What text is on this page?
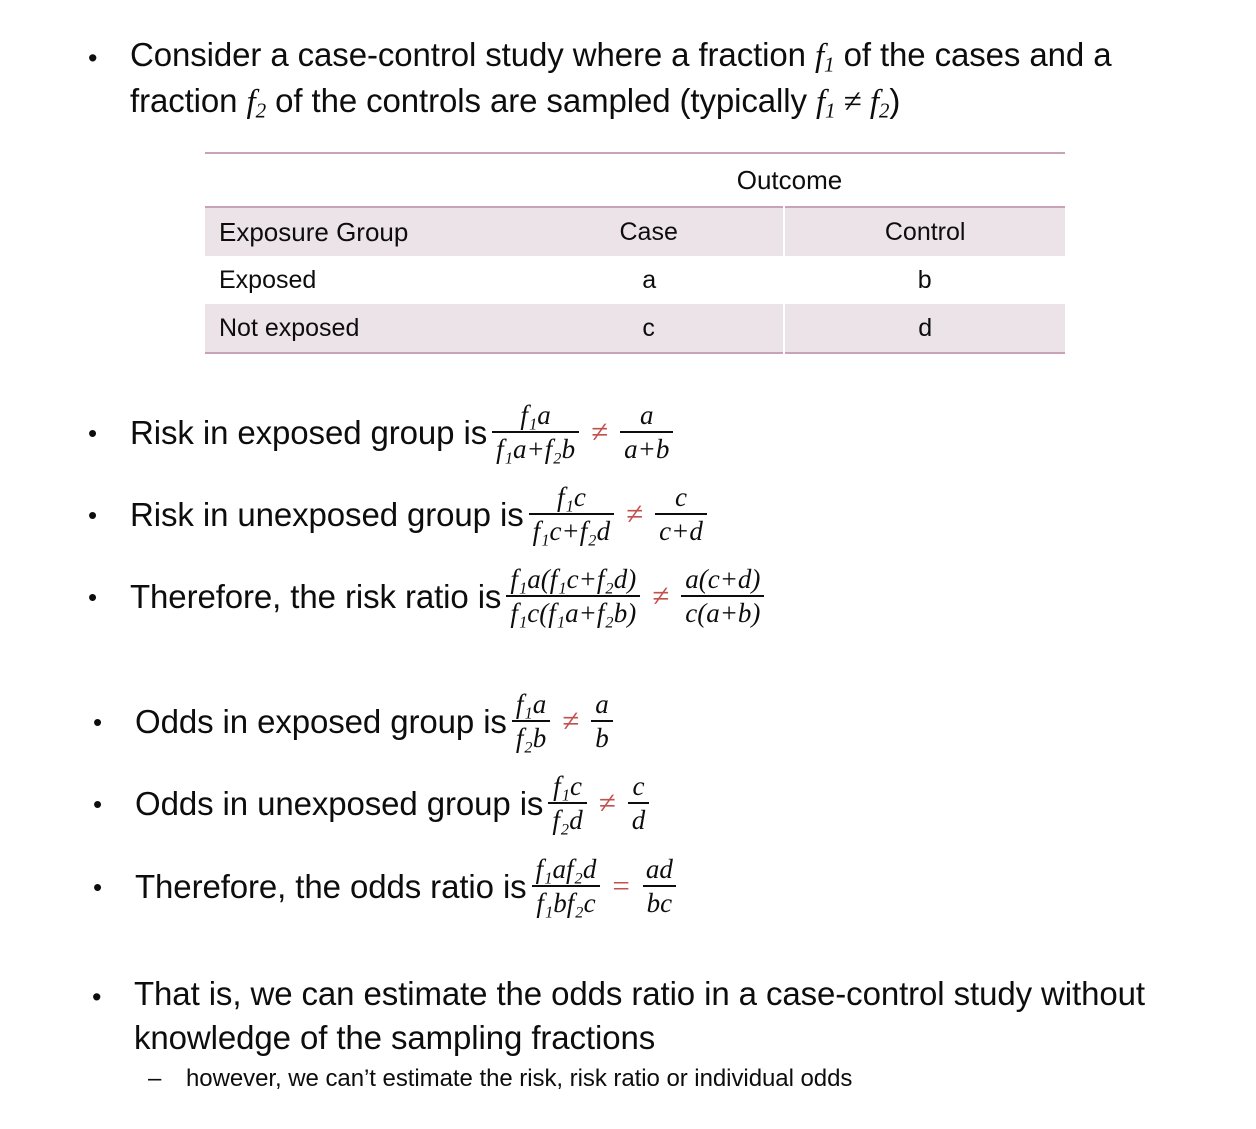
• Consider a case-control study where a fraction $f_1$ of the cases and a fraction $f_2$ of the controls are sampled (typically $f_1 \ne f_2$)
	Outcome	
Exposure Group	Case	Control
Exposed	a	b
Not exposed	c	d
• Risk in exposed group is $\frac{\text{f₁a}}{\text{f₁a+f₂b}} \ne \frac{a}{a+b}$
• Risk in unexposed group is $\frac{\text{f₁c}}{\text{f₁c+f₂d}} \ne \frac{c}{c+d}$
• Therefore, the risk ratio is $\frac{\text{f₁a(f₁c+f₂d)}}{\text{f₁c(f₁a+f₂b)}} \ne \frac{a(c+d)}{c(a+b)}$
• Odds in exposed group is $\frac{\text{f₁a}}{\text{f₂b}} \ne \frac{a}{b}$
• Odds in unexposed group is $\frac{\text{f₁c}}{\text{f₂d}} \ne \frac{c}{d}$
• Therefore, the odds ratio is $\frac{\text{f₁af₂d}}{\text{f₁bf₂c}} = \frac{ad}{bc}$
• That is, we can estimate the odds ratio in a case-control study without knowledge of the sampling fractions
–	however, we can’t estimate the risk, risk ratio or individual odds
